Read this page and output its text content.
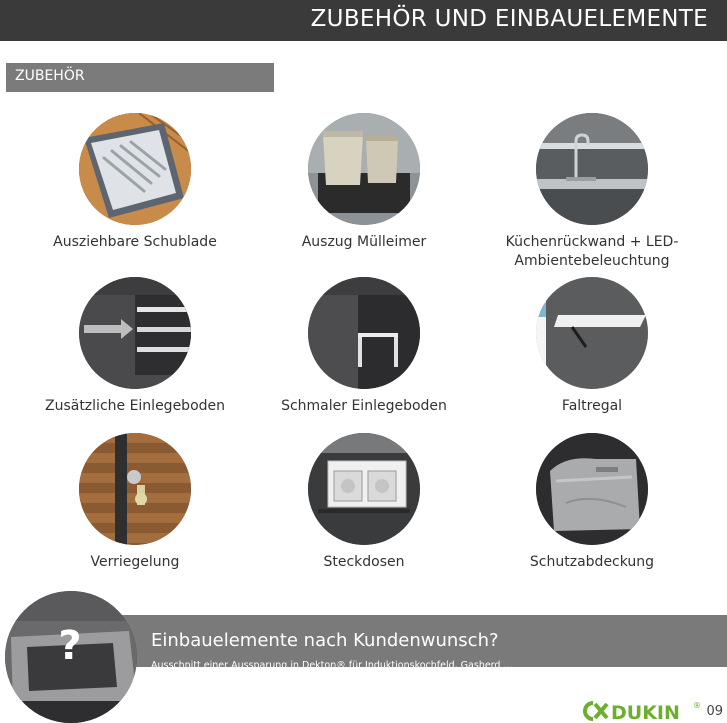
ZUBEHÖR UND EINBAUELEMENTE
ZUBEHÖR
Ausziehbare Schublade	Auszug Mülleimer	Küchenrückwand + LED-Ambientebeleuchtung
Zusätzliche Einlegeboden	Schmaler Einlegeboden	Faltregal
Verriegelung	Steckdosen	Schutzabdeckung
Einbauelemente nach Kundenwunsch?
Ausschnitt einer Aussparung in Dekton® für Induktionskochfeld, Gasherd ...
?
DUKIN ® 09
